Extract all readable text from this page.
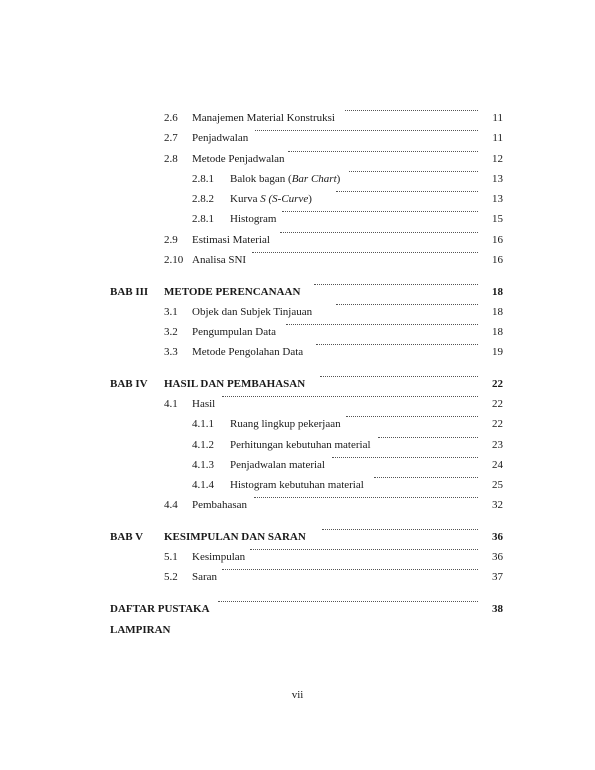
2.6 Manajemen Material Konstruksi	11
2.7 Penjadwalan	11
2.8 Metode Penjadwalan	12
2.8.1 Balok bagan (Bar Chart)	13
2.8.2 Kurva S (S-Curve)	13
2.8.1 Histogram	15
2.9 Estimasi Material	16
2.10 Analisa SNI	16
BAB III METODE PERENCANAAN	18
3.1 Objek dan Subjek Tinjauan	18
3.2 Pengumpulan Data	18
3.3 Metode Pengolahan Data	19
BAB IV HASIL DAN PEMBAHASAN	22
4.1 Hasil	22
4.1.1 Ruang lingkup pekerjaan	22
4.1.2 Perhitungan kebutuhan material	23
4.1.3 Penjadwalan material	24
4.1.4 Histogram kebutuhan material	25
4.4 Pembahasan	32
BAB V KESIMPULAN DAN SARAN	36
5.1 Kesimpulan	36
5.2 Saran	37
DAFTAR PUSTAKA	38
LAMPIRAN
vii
